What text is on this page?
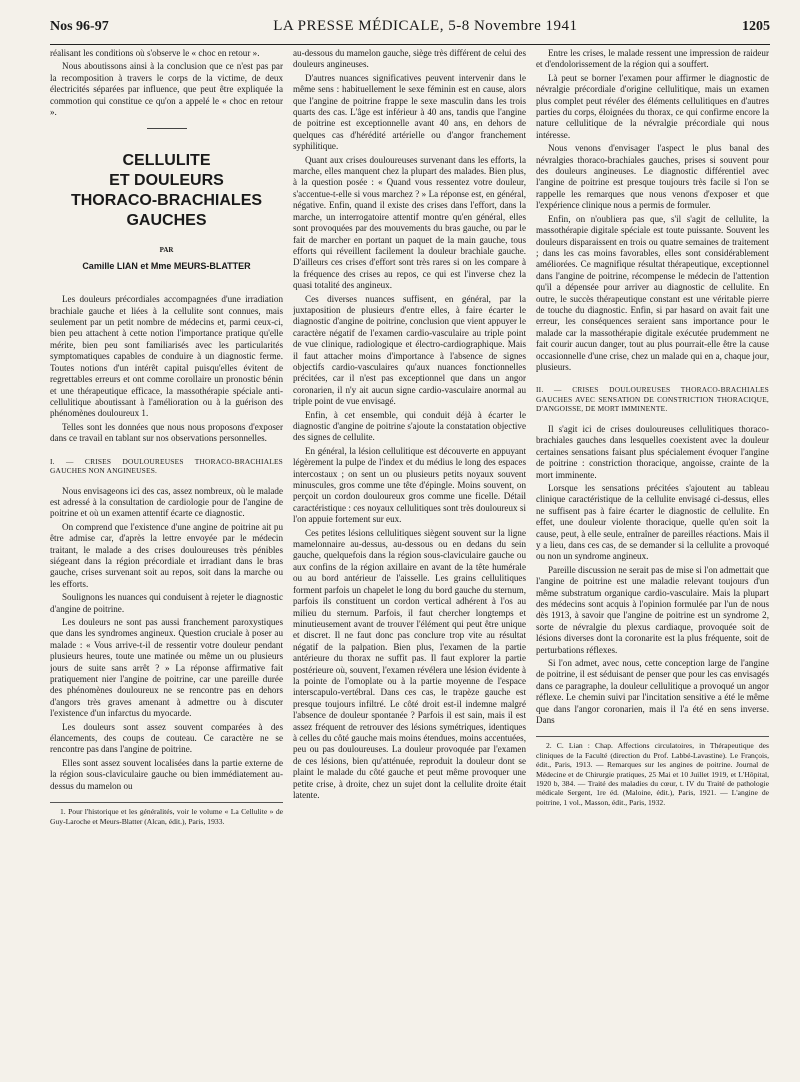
Nos 96-97	LA PRESSE MÉDICALE, 5-8 Novembre 1941	1205

réalisant les conditions où s'observe le « choc en retour ».

Nous aboutissons ainsi à la conclusion que ce n'est pas par la recomposition à travers le corps de la victime, de deux électricités séparées par influence, que peut être expliquée la commotion qui constitue ce qu'on a appelé le « choc en retour ».

CELLULITE
ET DOULEURS
THORACO-BRACHIALES
GAUCHES
PAR
Camille LIAN et Mme MEURS-BLATTER

Les douleurs précordiales accompagnées d'une irradiation brachiale gauche et liées à la cellulite sont connues, mais seulement par un petit nombre de médecins et, parmi ceux-ci, bien peu attachent à cette notion l'importance pratique qu'elle mérite, bien peu sont familiarisés avec les particularités symptomatiques capables de conduire à un diagnostic ferme. Toutes notions d'un intérêt capital puisqu'elles évitent de regrettables erreurs et ont comme corollaire un pronostic bénin et une thérapeutique efficace, la massothérapie spéciale anti-cellulitique aboutissant à l'amélioration ou à la guérison des phénomènes douloureux 1.

Telles sont les données que nous nous proposons d'exposer dans ce travail en tablant sur nos observations personnelles.

I. — CRISES DOULOUREUSES THORACO-BRACHIALES GAUCHES NON ANGINEUSES.

Nous envisageons ici des cas, assez nombreux, où le malade est adressé à la consultation de cardiologie pour de l'angine de poitrine et où un examen attentif écarte ce diagnostic.

On comprend que l'existence d'une angine de poitrine ait pu être admise car, d'après la lettre envoyée par le médecin traitant, le malade a des crises douloureuses très pénibles siégeant dans la région précordiale et irradiant dans le bras gauche, crises survenant soit au repos, soit dans la marche ou les efforts.

Soulignons les nuances qui conduisent à rejeter le diagnostic d'angine de poitrine.

Les douleurs ne sont pas aussi franchement paroxystiques que dans les syndromes angineux. Question cruciale à poser au malade : « Vous arrive-t-il de ressentir votre douleur pendant plusieurs heures, toute une matinée ou même un ou plusieurs jours de suite sans arrêt ? » La réponse affirmative fait pratiquement nier l'angine de poitrine, car une pareille durée des phénomènes douloureux ne se rencontre pas en dehors d'angors très graves amenant à admettre ou à discuter l'existence d'un infarctus du myocarde.

Les douleurs sont assez souvent comparées à des élancements, des coups de couteau. Ce caractère ne se rencontre pas dans l'angine de poitrine.

Elles sont assez souvent localisées dans la partie externe de la région sous-claviculaire gauche ou bien immédiatement au-dessus du mamelon ou

1. Pour l'historique et les généralités, voir le volume « La Cellulite » de Guy-Laroche et Meurs-Blatter (Alcan, édit.), Paris, 1933.

au-dessous du mamelon gauche, siège très différent de celui des douleurs angineuses.

D'autres nuances significatives peuvent intervenir dans le même sens : habituellement le sexe féminin est en cause, alors que l'angine de poitrine frappe le sexe masculin dans les trois quarts des cas. L'âge est inférieur à 40 ans, tandis que l'angine de poitrine est exceptionnelle avant 40 ans, en dehors de quelques cas d'hérédité artérielle ou d'angor franchement syphilitique.

Quant aux crises douloureuses survenant dans les efforts, la marche, elles manquent chez la plupart des malades. Bien plus, à la question posée : « Quand vous ressentez votre douleur, s'accentue-t-elle si vous marchez ? » La réponse est, en général, négative. Enfin, quand il existe des crises dans l'effort, dans la marche, un interrogatoire attentif montre qu'en général, elles sont provoquées par des mouvements du bras gauche, ou par le fait de marcher en portant un paquet de la main gauche, tous efforts qui réveillent facilement la douleur brachiale gauche. D'ailleurs ces crises d'effort sont très rares si on les compare à la fréquence des crises au repos, ce qui est l'inverse chez la quasi totalité des angineux.

Ces diverses nuances suffisent, en général, par la juxtaposition de plusieurs d'entre elles, à faire écarter le diagnostic d'angine de poitrine, conclusion que vient appuyer le caractère négatif de l'examen cardio-vasculaire au triple point de vue clinique, radiologique et électro-cardiographique. Mais il faut attacher moins d'importance à l'absence de signes objectifs cardio-vasculaires qu'aux nuances fonctionnelles précitées, car il n'est pas exceptionnel que dans un angor coronarien, il n'y ait aucun signe cardio-vasculaire anormal au triple point de vue envisagé.

Enfin, à cet ensemble, qui conduit déjà à écarter le diagnostic d'angine de poitrine s'ajoute la constatation objective des signes de cellulite.

En général, la lésion cellulitique est découverte en appuyant légèrement la pulpe de l'index et du médius le long des espaces intercostaux ; on sent un ou plusieurs petits noyaux souvent minuscules, gros comme une tête d'épingle. Moins souvent, on perçoit un cordon douloureux gros comme une ficelle. Détail caractéristique : ces noyaux cellulitiques sont très douloureux si l'on appuie fortement sur eux.

Ces petites lésions cellulitiques siègent souvent sur la ligne mamelonnaire au-dessus, au-dessous ou en dedans du sein gauche, quelquefois dans la région sous-claviculaire gauche ou aux confins de la région axillaire en avant de la tête humérale ou au bord antérieur de l'aisselle. Les grains cellulitiques forment parfois un chapelet le long du bord gauche du sternum, parfois ils constituent un cordon vertical adhérent à l'os au milieu du sternum. Parfois, il faut chercher longtemps et minutieusement avant de trouver l'élément qui peut être unique et discret. Il ne faut donc pas conclure trop vite au résultat négatif de la palpation. Bien plus, l'examen de la partie antérieure du thorax ne suffit pas. Il faut explorer la partie postérieure où, souvent, l'examen révélera une lésion évidente à la pointe de l'omoplate ou à la partie moyenne de l'espace interscapulo-vertébral. Dans ces cas, le trapèze gauche est presque toujours infiltré. Le côté droit est-il indemne malgré l'absence de douleur spontanée ? Parfois il est sain, mais il est assez fréquent de retrouver des lésions symétriques, identiques à celles du côté gauche mais moins étendues, moins accentuées, peu ou pas douloureuses. La douleur provoquée par l'examen de ces lésions, bien qu'atténuée, reproduit la douleur dont se plaint le malade du côté gauche et peut même provoquer une petite crise, à droite, chez un sujet dont la cellulite droite était latente.

Entre les crises, le malade ressent une impression de raideur et d'endolorissement de la région qui a souffert.

Là peut se borner l'examen pour affirmer le diagnostic de névralgie précordiale d'origine cellulitique, mais un examen plus complet peut révéler des éléments cellulitiques en d'autres parties du corps, éloignées du thorax, ce qui confirme encore la nature cellulitique de la névralgie précordiale qui nous intéresse.

Nous venons d'envisager l'aspect le plus banal des névralgies thoraco-brachiales gauches, prises si souvent pour des douleurs angineuses. Le diagnostic différentiel avec l'angine de poitrine est presque toujours très facile si l'on se rappelle les remarques que nous venons d'exposer et que l'expérience clinique nous a permis de formuler.

Enfin, on n'oubliera pas que, s'il s'agit de cellulite, la massothérapie digitale spéciale est toute puissante. Souvent les douleurs disparaissent en trois ou quatre semaines de traitement ; dans les cas moins favorables, elles sont considérablement améliorées. Ce magnifique résultat thérapeutique, exceptionnel dans l'angine de poitrine, récompense le médecin de l'attention qu'il a dépensée pour arriver au diagnostic de cellulite. En outre, le succès thérapeutique constant est une véritable pierre de touche du diagnostic. Enfin, si par hasard on avait fait une erreur, les conséquences seraient sans importance pour le malade car la massothérapie digitale exécutée prudemment ne fait courir aucun danger, tout au plus pourrait-elle être la cause occasionnelle d'une crise, chez un malade qui en a, chaque jour, plusieurs.

II. — CRISES DOULOUREUSES THORACO-BRACHIALES GAUCHES AVEC SENSATION DE CONSTRICTION THORACIQUE, D'ANGOISSE, DE MORT IMMINENTE.

Il s'agit ici de crises douloureuses cellulitiques thoraco-brachiales gauches dans lesquelles coexistent avec la douleur certaines sensations faisant plus spécialement évoquer l'angine de poitrine : constriction thoracique, angoisse, crainte de la mort imminente.

Lorsque les sensations précitées s'ajoutent au tableau clinique caractéristique de la cellulite envisagé ci-dessus, elles ne suffisent pas à faire écarter le diagnostic de cellulite. En effet, une douleur violente thoracique, quelle qu'en soit la cause, peut, à elle seule, entraîner de pareilles réactions. Mais il y a lieu, dans ces cas, de se demander si la cellulite a provoqué ou non un syndrome angineux.

Pareille discussion ne serait pas de mise si l'on admettait que l'angine de poitrine est une maladie relevant toujours d'un même substratum organique cardio-vasculaire. Mais la plupart des médecins sont acquis à l'opinion formulée par l'un de nous dès 1913, à savoir que l'angine de poitrine est un syndrome 2, sorte de névralgie du plexus cardiaque, provoquée soit de lésions diverses dont la coronarite est la plus fréquente, soit de perturbations réflexes.

Si l'on admet, avec nous, cette conception large de l'angine de poitrine, il est séduisant de penser que pour les cas envisagés dans ce paragraphe, la douleur cellulitique a provoqué un angor réflexe. Le chemin suivi par l'incitation sensitive a été le même que dans l'angor coronarien, mais il l'a été en sens inverse. Dans

2. C. Lian : Chap. Affections circulatoires, in Thérapeutique des cliniques de la Faculté (direction du Prof. Labbé-Lavastine). Le François, édit., Paris, 1913. — Remarques sur les angines de poitrine. Journal de Médecine et de Chirurgie pratiques, 25 Mai et 10 Juillet 1919, et L'Hôpital, 1920 b, 384. — Traité des maladies du cœur, t. IV du Traité de pathologie médicale Sergent, 1re éd. (Maloine, édit.), Paris, 1921. — L'angine de poitrine, 1 vol., Masson, édit., Paris, 1932.
